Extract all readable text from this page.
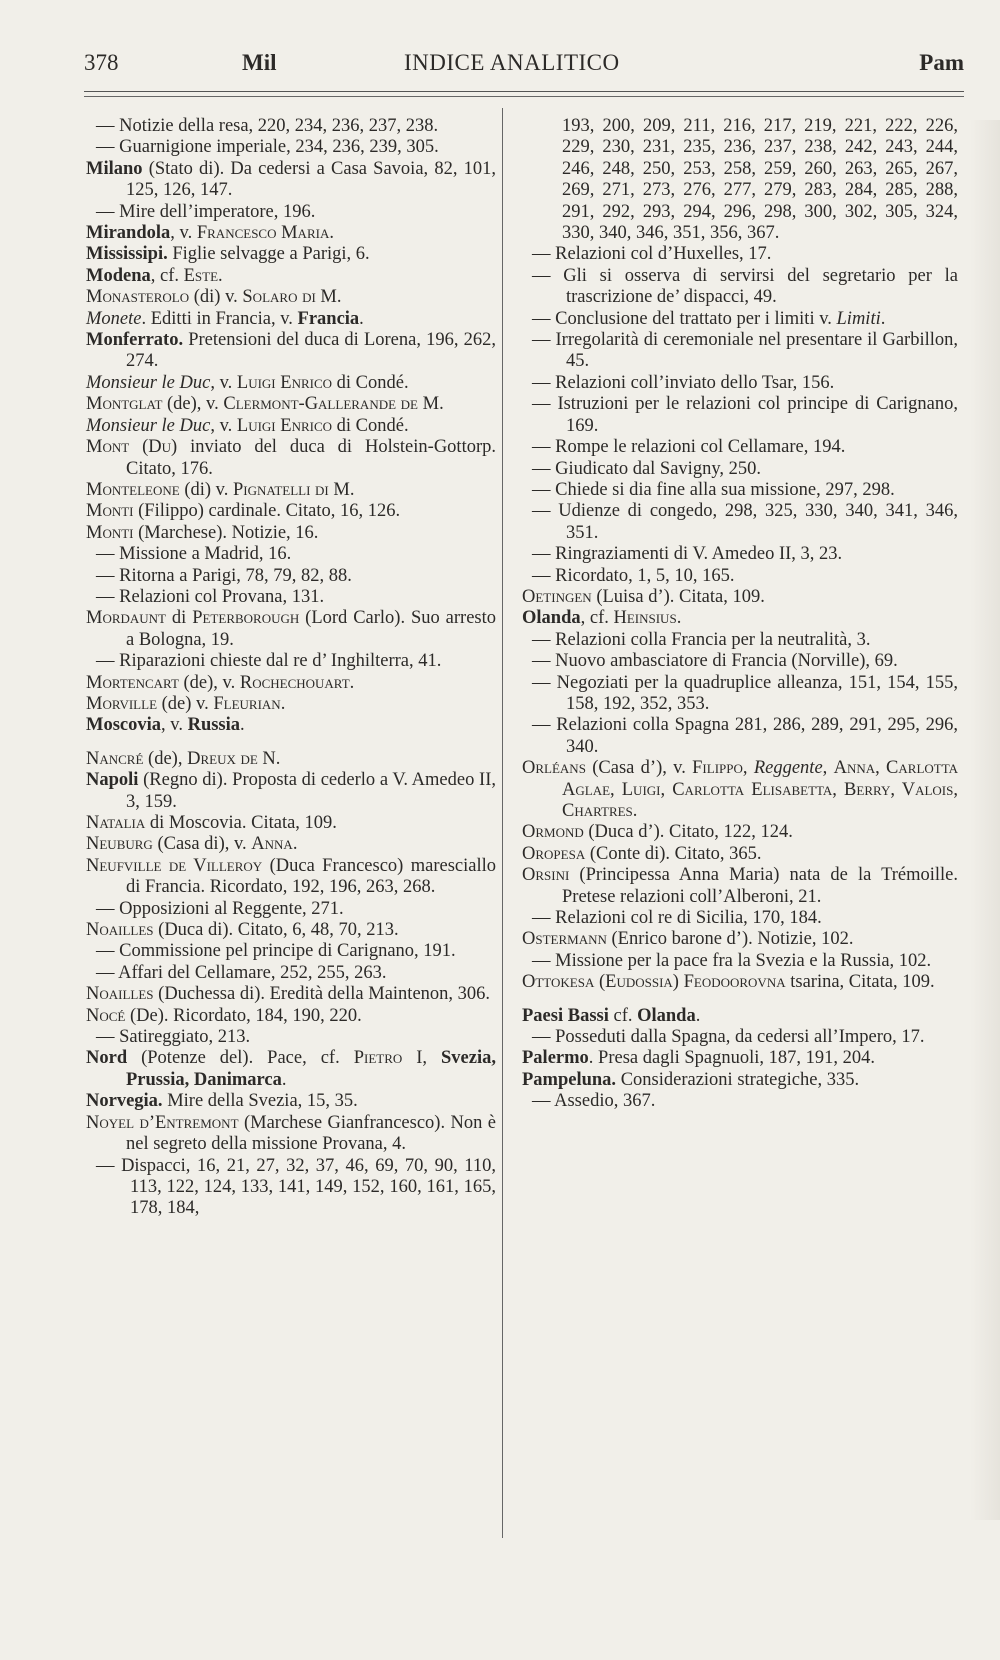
378	Mil	INDICE ANALITICO	Pam

— Notizie della resa, 220, 234, 236, 237, 238.

— Guarnigione imperiale, 234, 236, 239, 305.

Milano (Stato di). Da cedersi a Casa Savoia, 82, 101, 125, 126, 147.

— Mire dell’imperatore, 196.

Mirandola, v. Francesco Maria.

Mississipi. Figlie selvagge a Parigi, 6.

Modena, cf. Este.

Monasterolo (di) v. Solaro di M.

Monete. Editti in Francia, v. Francia.

Monferrato. Pretensioni del duca di Lorena, 196, 262, 274.

Monsieur le Duc, v. Luigi Enrico di Condé.

Montglat (de), v. Clermont-Gallerande de M.

Monsieur le Duc, v. Luigi Enrico di Condé.

Mont (Du) inviato del duca di Holstein-Gottorp. Citato, 176.

Monteleone (di) v. Pignatelli di M.

Monti (Filippo) cardinale. Citato, 16, 126.

Monti (Marchese). Notizie, 16.

— Missione a Madrid, 16.

— Ritorna a Parigi, 78, 79, 82, 88.

— Relazioni col Provana, 131.

Mordaunt di Peterborough (Lord Carlo). Suo arresto a Bologna, 19.

— Riparazioni chieste dal re d’ Inghilterra, 41.

Mortencart (de), v. Rochechouart.

Morville (de) v. Fleurian.

Moscovia, v. Russia.

Nancré (de), Dreux de N.

Napoli (Regno di). Proposta di cederlo a V. Amedeo II, 3, 159.

Natalia di Moscovia. Citata, 109.

Neuburg (Casa di), v. Anna.

Neufville de Villeroy (Duca Francesco) maresciallo di Francia. Ricordato, 192, 196, 263, 268.

— Opposizioni al Reggente, 271.

Noailles (Duca di). Citato, 6, 48, 70, 213.

— Commissione pel principe di Carignano, 191.

— Affari del Cellamare, 252, 255, 263.

Noailles (Duchessa di). Eredità della Maintenon, 306.

Nocé (De). Ricordato, 184, 190, 220.

— Satireggiato, 213.

Nord (Potenze del). Pace, cf. Pietro I, Svezia, Prussia, Danimarca.

Norvegia. Mire della Svezia, 15, 35.

Noyel d’Entremont (Marchese Gianfrancesco). Non è nel segreto della missione Provana, 4.

— Dispacci, 16, 21, 27, 32, 37, 46, 69, 70, 90, 110, 113, 122, 124, 133, 141, 149, 152, 160, 161, 165, 178, 184,

193, 200, 209, 211, 216, 217, 219, 221, 222, 226, 229, 230, 231, 235, 236, 237, 238, 242, 243, 244, 246, 248, 250, 253, 258, 259, 260, 263, 265, 267, 269, 271, 273, 276, 277, 279, 283, 284, 285, 288, 291, 292, 293, 294, 296, 298, 300, 302, 305, 324, 330, 340, 346, 351, 356, 367.

— Relazioni col d’Huxelles, 17.

— Gli si osserva di servirsi del segretario per la trascrizione de’ dispacci, 49.

— Conclusione del trattato per i limiti v. Limiti.

— Irregolarità di ceremoniale nel presentare il Garbillon, 45.

— Relazioni coll’inviato dello Tsar, 156.

— Istruzioni per le relazioni col principe di Carignano, 169.

— Rompe le relazioni col Cellamare, 194.

— Giudicato dal Savigny, 250.

— Chiede si dia fine alla sua missione, 297, 298.

— Udienze di congedo, 298, 325, 330, 340, 341, 346, 351.

— Ringraziamenti di V. Amedeo II, 3, 23.

— Ricordato, 1, 5, 10, 165.

Oetingen (Luisa d’). Citata, 109.

Olanda, cf. Heinsius.

— Relazioni colla Francia per la neutralità, 3.

— Nuovo ambasciatore di Francia (Norville), 69.

— Negoziati per la quadruplice alleanza, 151, 154, 155, 158, 192, 352, 353.

— Relazioni colla Spagna 281, 286, 289, 291, 295, 296, 340.

Orléans (Casa d’), v. Filippo, Reggente, Anna, Carlotta Aglae, Luigi, Carlotta Elisabetta, Berry, Valois, Chartres.

Ormond (Duca d’). Citato, 122, 124.

Oropesa (Conte di). Citato, 365.

Orsini (Principessa Anna Maria) nata de la Trémoille. Pretese relazioni coll’Alberoni, 21.

— Relazioni col re di Sicilia, 170, 184.

Ostermann (Enrico barone d’). Notizie, 102.

— Missione per la pace fra la Svezia e la Russia, 102.

Ottokesa (Eudossia) Feodoorovna tsarina, Citata, 109.

Paesi Bassi cf. Olanda.

— Posseduti dalla Spagna, da cedersi all’Impero, 17.

Palermo. Presa dagli Spagnuoli, 187, 191, 204.

Pampeluna. Considerazioni strategiche, 335.

— Assedio, 367.
